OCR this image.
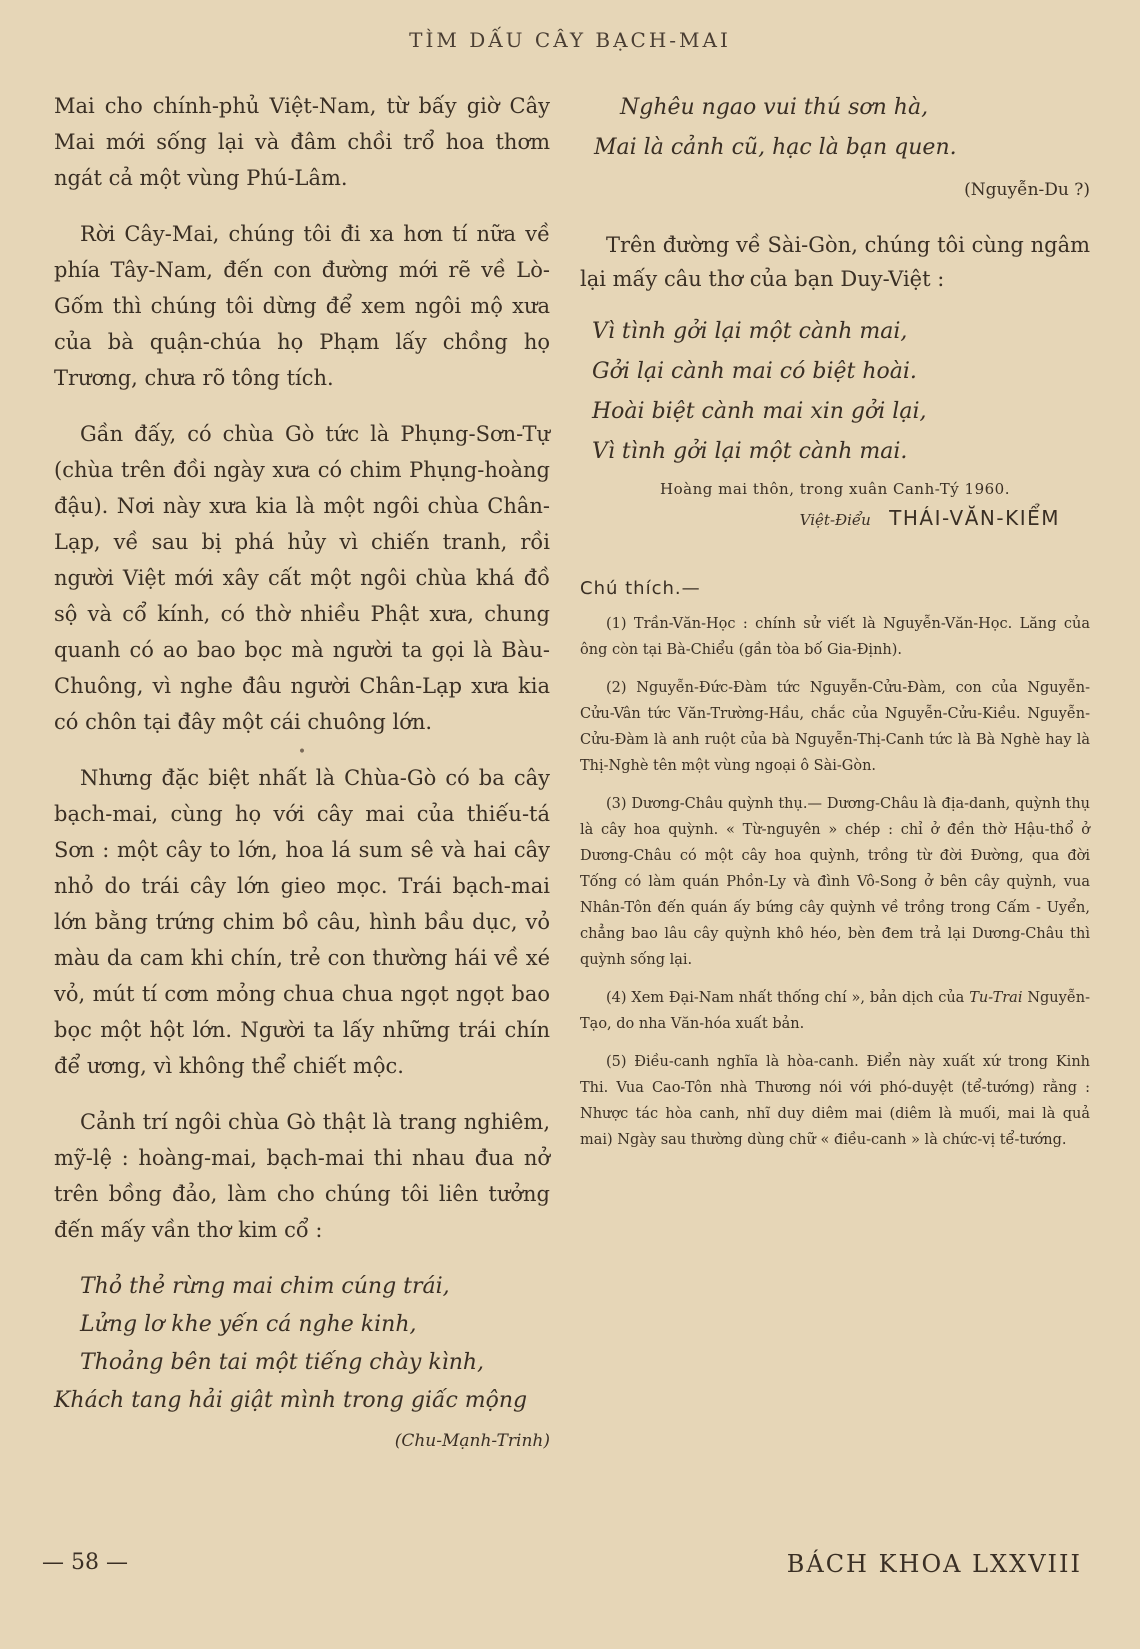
TÌM DẤU CÂY BẠCH-MAI

Mai cho chính-phủ Việt-Nam, từ bấy giờ Cây Mai mới sống lại và đâm chồi trổ hoa thơm ngát cả một vùng Phú-Lâm.

Rời Cây-Mai, chúng tôi đi xa hơn tí nữa về phía Tây-Nam, đến con đường mới rẽ về Lò-Gốm thì chúng tôi dừng để xem ngôi mộ xưa của bà quận-chúa họ Phạm lấy chồng họ Trương, chưa rõ tông tích.

Gần đấy, có chùa Gò tức là Phụng-Sơn-Tự (chùa trên đồi ngày xưa có chim Phụng-hoàng đậu). Nơi này xưa kia là một ngôi chùa Chân-Lạp, về sau bị phá hủy vì chiến tranh, rồi người Việt mới xây cất một ngôi chùa khá đồ sộ và cổ kính, có thờ nhiều Phật xưa, chung quanh có ao bao bọc mà người ta gọi là Bàu-Chuông, vì nghe đâu người Chân-Lạp xưa kia có chôn tại đây một cái chuông lớn.

•

Nhưng đặc biệt nhất là Chùa-Gò có ba cây bạch-mai, cùng họ với cây mai của thiếu-tá Sơn : một cây to lớn, hoa lá sum sê và hai cây nhỏ do trái cây lớn gieo mọc. Trái bạch-mai lớn bằng trứng chim bồ câu, hình bầu dục, vỏ màu da cam khi chín, trẻ con thường hái về xé vỏ, mút tí cơm mỏng chua chua ngọt ngọt bao bọc một hột lớn. Người ta lấy những trái chín để ương, vì không thể chiết mộc.

Cảnh trí ngôi chùa Gò thật là trang nghiêm, mỹ-lệ : hoàng-mai, bạch-mai thi nhau đua nở trên bồng đảo, làm cho chúng tôi liên tưởng đến mấy vần thơ kim cổ :

Thỏ thẻ rừng mai chim cúng trái,
Lửng lơ khe yến cá nghe kinh,
Thoảng bên tai một tiếng chày kình,
Khách tang hải giật mình trong giấc mộng
(Chu-Mạnh-Trinh)
Nghêu ngao vui thú sơn hà,
Mai là cảnh cũ, hạc là bạn quen.
(Nguyễn-Du ?)

Trên đường về Sài-Gòn, chúng tôi cùng ngâm lại mấy câu thơ của bạn Duy-Việt :

Vì tình gởi lại một cành mai,
Gởi lại cành mai có biệt hoài.
Hoài biệt cành mai xin gởi lại,
Vì tình gởi lại một cành mai.
Hoàng mai thôn, trong xuân Canh-Tý 1960.
Việt-Điểu THÁI-VĂN-KIỂM
Chú thích.—

(1) Trần-Văn-Học : chính sử viết là Nguyễn-Văn-Học. Lăng của ông còn tại Bà-Chiểu (gần tòa bố Gia-Định).

(2) Nguyễn-Đức-Đàm tức Nguyễn-Cửu-Đàm, con của Nguyễn-Cửu-Vân tức Văn-Trường-Hầu, chắc của Nguyễn-Cửu-Kiều. Nguyễn-Cửu-Đàm là anh ruột của bà Nguyễn-Thị-Canh tức là Bà Nghè hay là Thị-Nghè tên một vùng ngoại ô Sài-Gòn.

(3) Dương-Châu quỳnh thụ.— Dương-Châu là địa-danh, quỳnh thụ là cây hoa quỳnh. « Từ-nguyên » chép : chỉ ở đền thờ Hậu-thổ ở Dương-Châu có một cây hoa quỳnh, trồng từ đời Đường, qua đời Tống có làm quán Phồn-Ly và đình Vô-Song ở bên cây quỳnh, vua Nhân-Tôn đến quán ấy bứng cây quỳnh về trồng trong Cấm - Uyển, chẳng bao lâu cây quỳnh khô héo, bèn đem trả lại Dương-Châu thì quỳnh sống lại.

(4) Xem Đại-Nam nhất thống chí », bản dịch của Tu-Trai Nguyễn-Tạo, do nha Văn-hóa xuất bản.

(5) Điều-canh nghĩa là hòa-canh. Điển này xuất xứ trong Kinh Thi. Vua Cao-Tôn nhà Thương nói với phó-duyệt (tể-tướng) rằng : Nhược tác hòa canh, nhĩ duy diêm mai (diêm là muối, mai là quả mai) Ngày sau thường dùng chữ « điều-canh » là chức-vị tể-tướng.

— 58 —	BÁCH KHOA LXXVIII
